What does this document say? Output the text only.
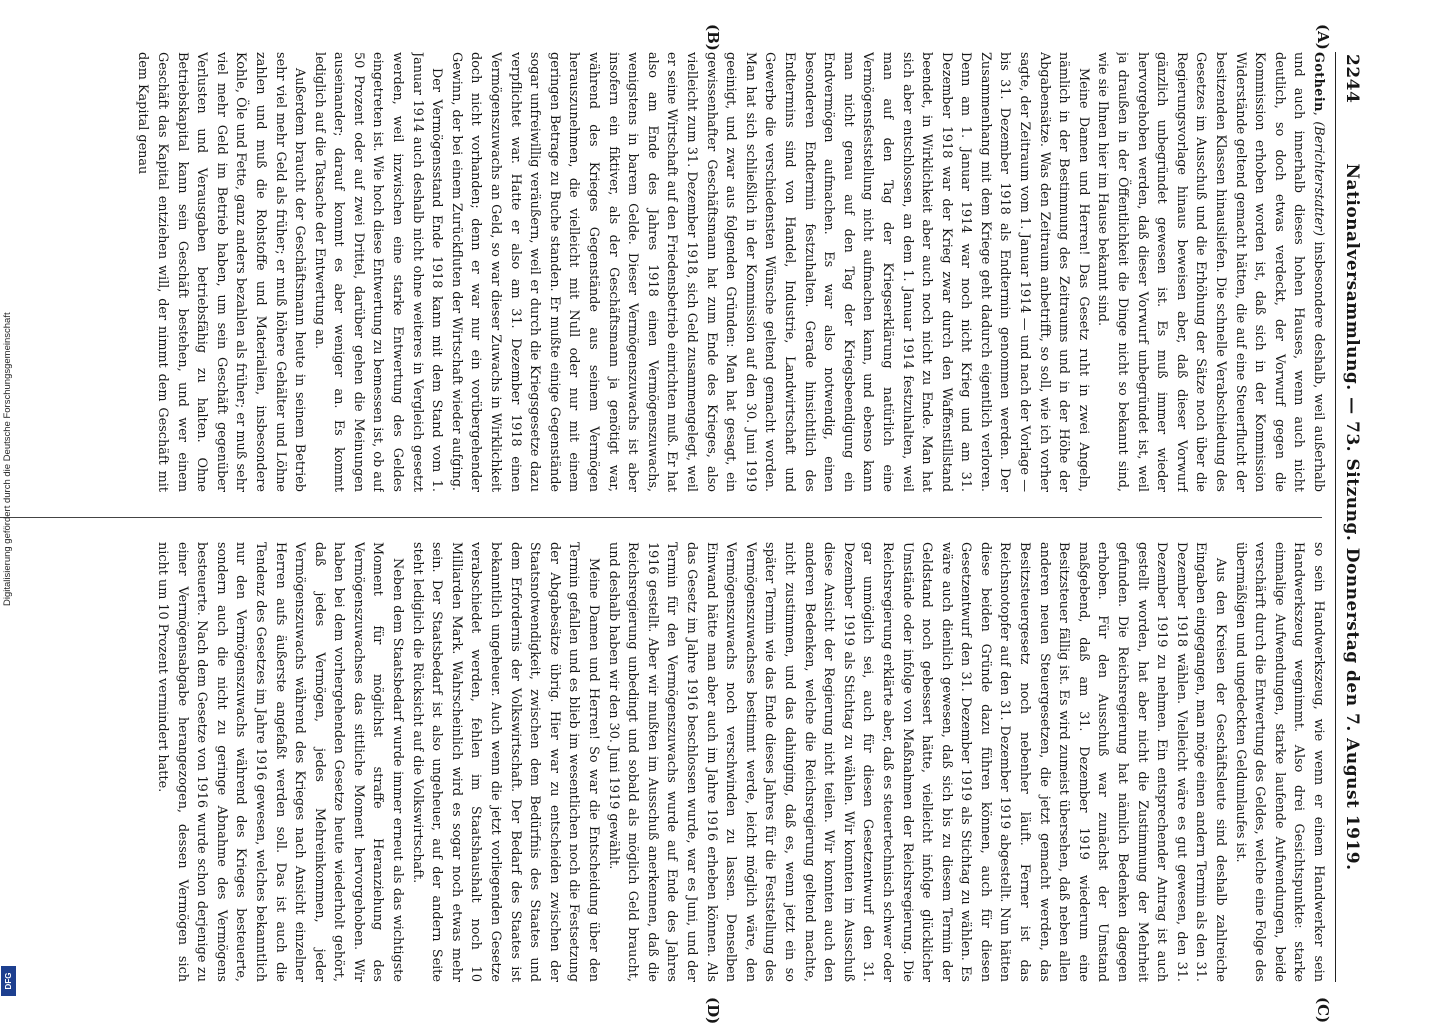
2244
Nationalversammlung. — 73. Sitzung. Donnerstag den 7. August 1919.
(A)
(B)
(C)
(D)

Gothein, (Berichterstatter) insbesondere deshalb, weil außerhalb und auch innerhalb dieses hohen Hauses, wenn auch nicht deutlich, so doch etwas verdeckt, der Vorwurf gegen die Kommission erhoben worden ist, daß sich in der Kommission Widerstände geltend gemacht hätten, die auf eine Steuerflucht der besitzenden Klassen hinausliefen. Die schnelle Verabschiedung des Gesetzes im Ausschuß und die Erhöhung der Sätze noch über die Regierungsvorlage hinaus beweisen aber, daß dieser Vorwurf gänzlich unbegründet gewesen ist. Es muß immer wieder hervorgehoben werden, daß dieser Vorwurf unbegründet ist, weil ja draußen in der Öffentlichkeit die Dinge nicht so bekannt sind, wie sie Ihnen hier im Hause bekannt sind.

Meine Damen und Herren! Das Gesetz ruht in zwei Angeln, nämlich in der Bestimmung des Zeitraums und in der Höhe der Abgabensätze. Was den Zeitraum anbetrifft, so soll, wie ich vorher sagte, der Zeitraum vom 1. Januar 1914 — und nach der Vorlage — bis 31. Dezember 1918 als Endtermin genommen werden. Der Zusammenhang mit dem Kriege geht dadurch eigentlich verloren. Denn am 1. Januar 1914 war noch nicht Krieg und am 31. Dezember 1918 war der Krieg zwar durch den Waffenstillstand beendet, in Wirklichkeit aber auch noch nicht zu Ende. Man hat sich aber entschlossen, an dem 1. Januar 1914 festzuhalten, weil man auf den Tag der Kriegserklärung natürlich eine Vermögensfeststellung nicht aufmachen kann, und ebenso kann man nicht genau auf den Tag der Kriegsbeendigung ein Endvermögen aufmachen. Es war also notwendig, einen besonderen Endtermin festzuhalten. Gerade hinsichtlich des Endtermins sind von Handel, Industrie, Landwirtschaft und Gewerbe die verschiedensten Wünsche geltend gemacht worden. Man hat sich schließlich in der Kommission auf den 30. Juni 1919 geeinigt, und zwar aus folgenden Gründen: Man hat gesagt, ein gewissenhafter Geschäftsmann hat zum Ende des Krieges, also vielleicht zum 31. Dezember 1918, sich Geld zusammengelegt, weil er seine Wirtschaft auf den Friedensbetrieb einrichten muß. Er hat also am Ende des Jahres 1918 einen Vermögenszuwachs, wenigstens in barem Gelde. Dieser Vermögenszuwachs ist aber insofern ein fiktiver, als der Geschäftsmann ja genötigt war, während des Krieges Gegenstände aus seinem Vermögen herauszunehmen, die vielleicht mit Null oder nur mit einem geringen Betrage zu Buche standen. Er mußte einige Gegenstände sogar unfreiwillig veräußern, weil er durch die Kriegsgesetze dazu verpflichtet war. Hatte er also am 31. Dezember 1918 einen Vermögenszuwachs an Geld, so war dieser Zuwachs in Wirklichkeit doch nicht vorhanden; denn er war nur ein vorübergehender Gewinn, der bei einem Zurückfluten der Wirtschaft wieder aufging.

Der Vermögensstand Ende 1918 kann mit dem Stand vom 1. Januar 1914 auch deshalb nicht ohne weiteres in Vergleich gesetzt werden, weil inzwischen eine starke Entwertung des Geldes eingetreten ist. Wie hoch diese Entwertung zu bemessen ist, ob auf 50 Prozent oder auf zwei Drittel, darüber gehen die Meinungen auseinander; darauf kommt es aber weniger an. Es kommt lediglich auf die Tatsache der Entwertung an.

Außerdem braucht der Geschäftsmann heute in seinem Betrieb sehr viel mehr Geld als früher; er muß höhere Gehälter und Löhne zahlen und muß die Rohstoffe und Materialien, insbesondere Kohle, Öle und Fette, ganz anders bezahlen als früher; er muß sehr viel mehr Geld im Betrieb haben, um sein Geschäft gegenüber Verlusten und Verausgaben betriebsfähig zu halten. Ohne Betriebskapital kann sein Geschäft bestehen, und wer einem Geschäft das Kapital entziehen will, der nimmt dem Geschäft mit dem Kapital genau

so sein Handwerkszeug, wie wenn er einem Handwerker sein Handwerkszeug wegnimmt. Also drei Gesichtspunkte: starke einmalige Aufwendungen, starke laufende Aufwendungen, beide verschärft durch die Entwertung des Geldes, welche eine Folge des übermäßigen und ungedeckten Geldumlaufes ist.

Aus den Kreisen der Geschäftsleute sind deshalb zahlreiche Eingaben eingegangen, man möge einen andern Termin als den 31. Dezember 1918 wählen. Vielleicht wäre es gut gewesen, den 31. Dezember 1919 zu nehmen. Ein entsprechender Antrag ist auch gestellt worden, hat aber nicht die Zustimmung der Mehrheit gefunden. Die Reichsregierung hat nämlich Bedenken dagegen erhoben. Für den Ausschuß war zunächst der Umstand maßgebend, daß am 31. Dezember 1919 wiederum eine Besitzsteuer fällig ist. Es wird zumeist übersehen, daß neben allen anderen neuen Steuergesetzen, die jetzt gemacht werden, das Besitzsteuergesetz noch nebenher läuft. Ferner ist das Reichsnotopfer auf den 31. Dezember 1919 abgestellt. Nun hätten diese beiden Gründe dazu führen können, auch für diesen Gesetzentwurf den 31. Dezember 1919 als Stichtag zu wählen. Es wäre auch dienlich gewesen, daß sich bis zu diesem Termin der Geldstand noch gebessert hätte, vielleicht infolge glücklicher Umstände oder infolge von Maßnahmen der Reichsregierung. Die Reichsregierung erklärte aber, daß es steuertechnisch schwer oder gar unmöglich sei, auch für diesen Gesetzentwurf den 31. Dezember 1919 als Stichtag zu wählen. Wir konnten im Ausschuß diese Ansicht der Regierung nicht teilen. Wir konnten auch den anderen Bedenken, welche die Reichsregierung geltend machte, nicht zustimmen, und das dahinging, daß es, wenn jetzt ein so später Termin wie das Ende dieses Jahres für die Feststellung des Vermögenszuwachses bestimmt werde, leicht möglich wäre, den Vermögenszuwachs noch verschwinden zu lassen. Denselben Einwand hätte man aber auch im Jahre 1916 erheben können. Als das Gesetz im Jahre 1916 beschlossen wurde, war es Juni, und der Termin für den Vermögenszuwachs wurde auf Ende des Jahres 1916 gestellt. Aber wir mußten im Ausschuß anerkennen, daß die Reichsregierung unbedingt und sobald als möglich Geld braucht, und deshalb haben wir den 30. Juni 1919 gewählt.

Meine Damen und Herren! So war die Entscheidung über den Termin gefallen und es blieb im wesentlichen noch die Festsetzung der Abgabesätze übrig. Hier war zu entscheiden zwischen der Staatsnotwendigkeit, zwischen dem Bedürfnis des Staates und dem Erfordernis der Volkswirtschaft. Der Bedarf des Staates ist bekanntlich ungeheuer. Auch wenn die jetzt vorliegenden Gesetze verabschiedet werden, fehlen im Staatshaushalt noch 10 Milliarden Mark. Wahrscheinlich wird es sogar noch etwas mehr sein. Der Staatsbedarf ist also ungeheuer, auf der andern Seite steht lediglich die Rücksicht auf die Volkswirtschaft.

Neben dem Staatsbedarf wurde immer erneut als das wichtigste Moment für möglichst straffe Heranziehung des Vermögenszuwachses das sittliche Moment hervorgehoben. Wir haben bei dem vorhergehenden Gesetze heute wiederholt gehört, daß jedes Vermögen, jedes Mehreinkommen, jeder Vermögenszuwachs während des Krieges nach Ansicht einzelner Herren aufs äußerste angefaßt werden soll. Das ist auch die Tendenz des Gesetzes im Jahre 1916 gewesen, welches bekanntlich nur den Vermögenszuwachs während des Krieges besteuerte, sondern auch die nicht zu geringe Abnahme des Vermögens besteuerte. Nach dem Gesetze von 1916 wurde schon derjenige zu einer Vermögensabgabe herangezogen, dessen Vermögen sich nicht um 10 Prozent vermindert hatte.

Digitalisierung gefördert durch die Deutsche Forschungsgemeinschaft
DFG
